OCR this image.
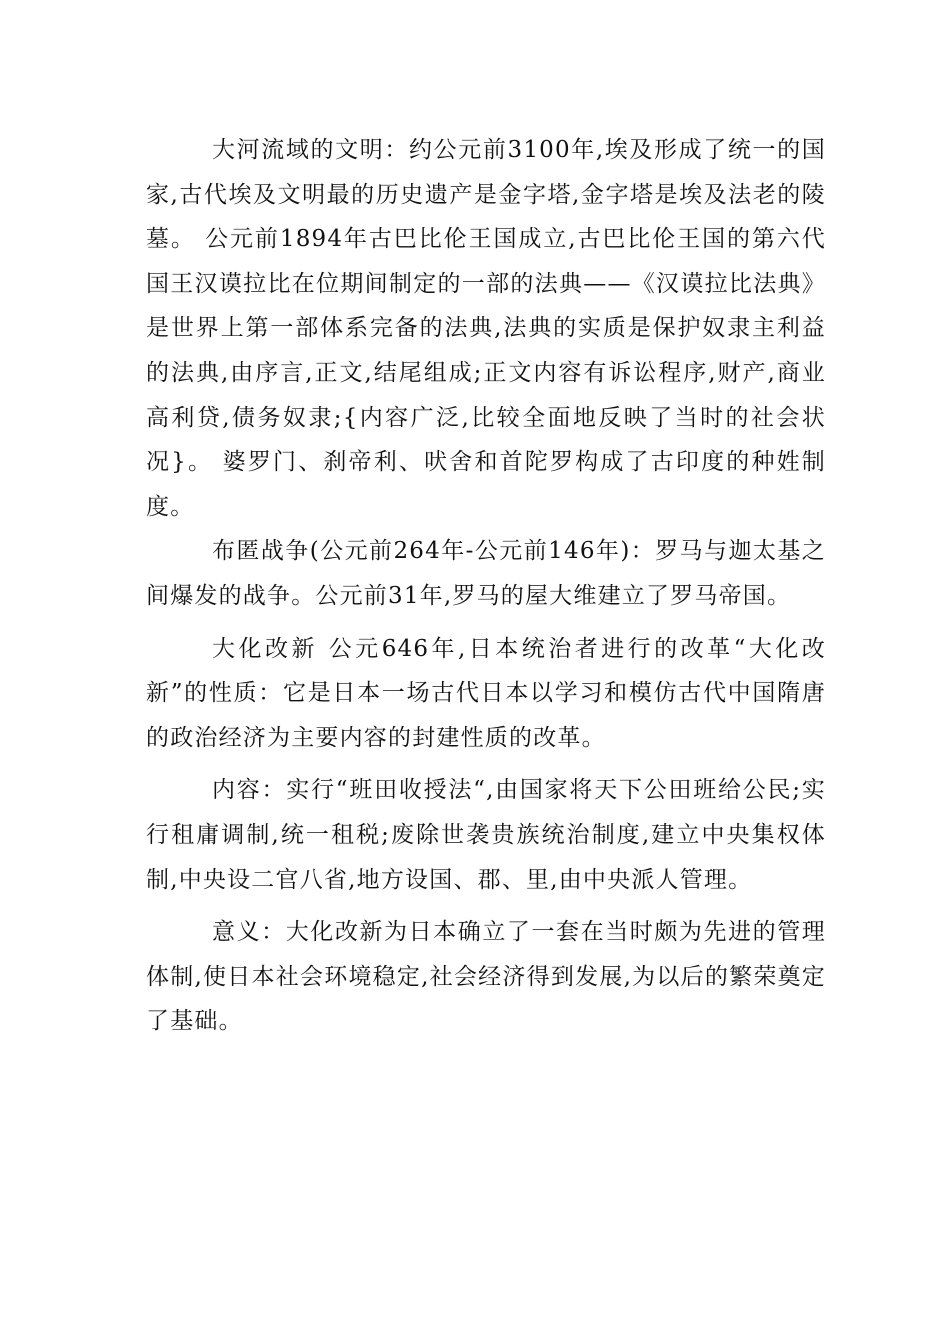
大河流域的文明：约公元前3100年,埃及形成了统一的国家,古代埃及文明最的历史遗产是金字塔,金字塔是埃及法老的陵墓。 公元前1894年古巴比伦王国成立,古巴比伦王国的第六代国王汉谟拉比在位期间制定的一部的法典——《汉谟拉比法典》是世界上第一部体系完备的法典,法典的实质是保护奴隶主利益的法典,由序言,正文,结尾组成;正文内容有诉讼程序,财产,商业高利贷,债务奴隶;{内容广泛,比较全面地反映了当时的社会状况}。 婆罗门、刹帝利、吠舍和首陀罗构成了古印度的种姓制度。

布匿战争(公元前264年-公元前146年)：罗马与迦太基之间爆发的战争。公元前31年,罗马的屋大维建立了罗马帝国。

大化改新 公元646年,日本统治者进行的改革“大化改新”的性质：它是日本一场古代日本以学习和模仿古代中国隋唐的政治经济为主要内容的封建性质的改革。

内容：实行“班田收授法“,由国家将天下公田班给公民;实行租庸调制,统一租税;废除世袭贵族统治制度,建立中央集权体制,中央设二官八省,地方设国、郡、里,由中央派人管理。

意义：大化改新为日本确立了一套在当时颇为先进的管理体制,使日本社会环境稳定,社会经济得到发展,为以后的繁荣奠定了基础。
